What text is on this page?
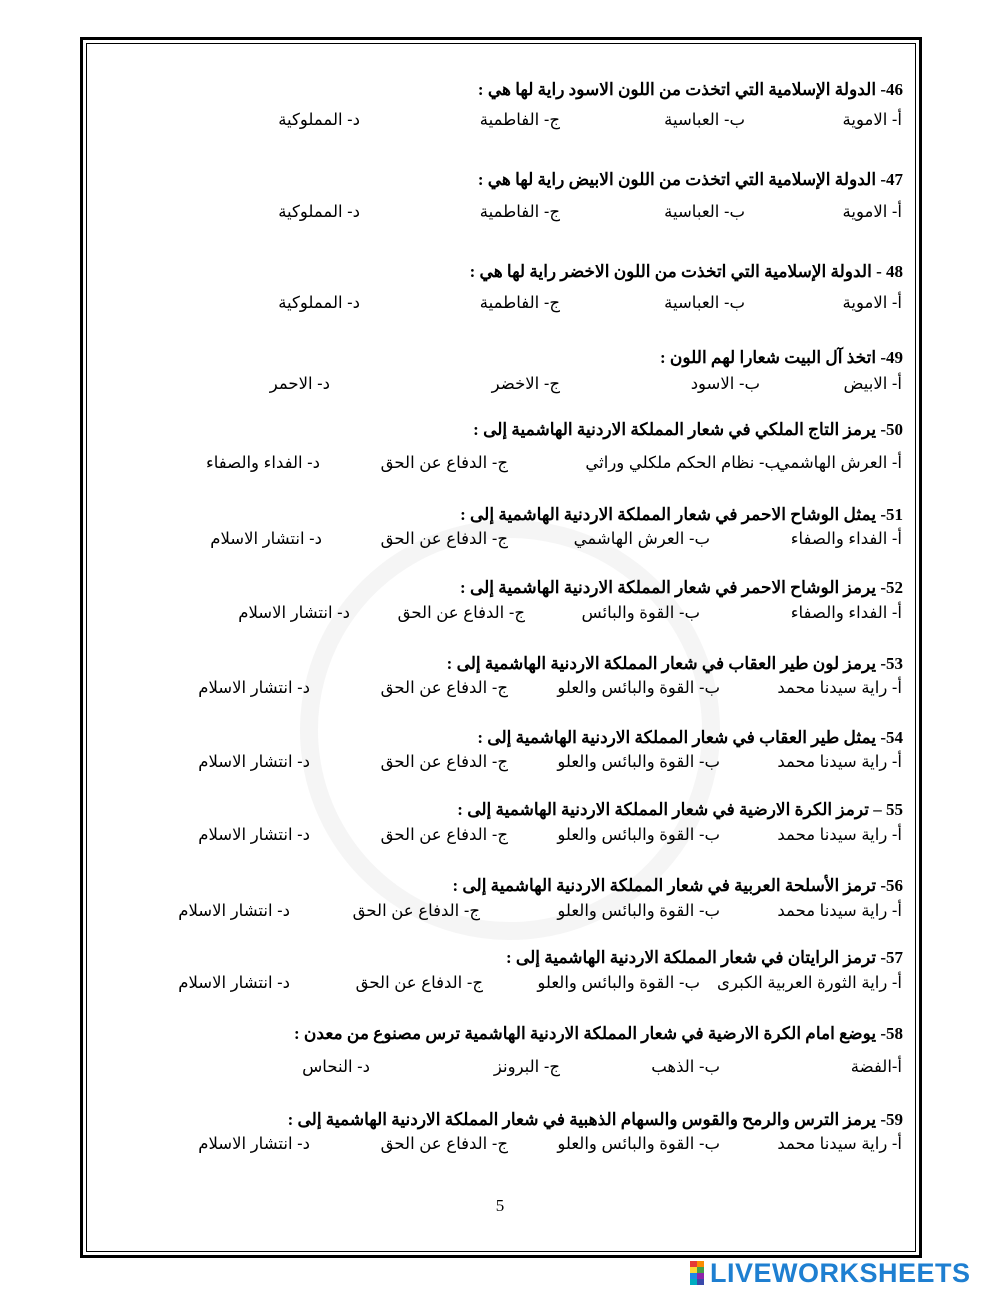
46- الدولة الإسلامية التي اتخذت من اللون الاسود راية لها هي :
أ- الاموية
ب- العباسية
ج- الفاطمية
د- المملوكية
47- الدولة الإسلامية التي اتخذت من اللون الابيض راية لها هي :
أ- الاموية
ب- العباسية
ج- الفاطمية
د- المملوكية
48 - الدولة الإسلامية التي اتخذت من اللون الاخضر راية لها هي :
أ- الاموية
ب- العباسية
ج- الفاطمية
د- المملوكية
49- اتخذ آل البيت شعارا لهم اللون :
أ- الابيض
ب- الاسود
ج- الاخضر
د- الاحمر
50- يرمز التاج الملكي في شعار المملكة الاردنية الهاشمية إلى :
أ- العرش الهاشمي
ب- نظام الحكم ملكلي وراثي
ج- الدفاع عن الحق
د- الفداء والصفاء
51- يمثل الوشاح الاحمر في شعار المملكة الاردنية الهاشمية إلى :
أ- الفداء والصفاء
ب- العرش الهاشمي
ج- الدفاع عن الحق
د- انتشار الاسلام
52- يرمز الوشاح الاحمر في شعار المملكة الاردنية الهاشمية إلى :
أ- الفداء والصفاء
ب- القوة والبائس
ج- الدفاع عن الحق
د- انتشار الاسلام
53- يرمز لون طير العقاب في شعار المملكة الاردنية الهاشمية إلى :
أ- راية سيدنا محمد
ب- القوة والبائس والعلو
ج- الدفاع عن الحق
د- انتشار الاسلام
54- يمثل طير العقاب في شعار المملكة الاردنية الهاشمية إلى :
أ- راية سيدنا محمد
ب- القوة والبائس والعلو
ج- الدفاع عن الحق
د- انتشار الاسلام
55 – ترمز الكرة الارضية في شعار المملكة الاردنية الهاشمية إلى :
أ- راية سيدنا محمد
ب- القوة والبائس والعلو
ج- الدفاع عن الحق
د- انتشار الاسلام
56- ترمز الأسلحة العربية في شعار المملكة الاردنية الهاشمية إلى :
أ- راية سيدنا محمد
ب- القوة والبائس والعلو
ج- الدفاع عن الحق
د- انتشار الاسلام
57- ترمز الرايتان في شعار المملكة الاردنية الهاشمية إلى :
أ- راية الثورة العربية الكبرى
ب- القوة والبائس والعلو
ج- الدفاع عن الحق
د- انتشار الاسلام
58- يوضع امام الكرة الارضية في شعار المملكة الاردنية الهاشمية ترس مصنوع من معدن :
أ-الفضة
ب- الذهب
ج- البرونز
د- النحاس
59- يرمز الترس والرمح والقوس والسهام الذهبية في شعار المملكة الاردنية الهاشمية إلى :
أ- راية سيدنا محمد
ب- القوة والبائس والعلو
ج- الدفاع عن الحق
د- انتشار الاسلام
5
LIVEWORKSHEETS
